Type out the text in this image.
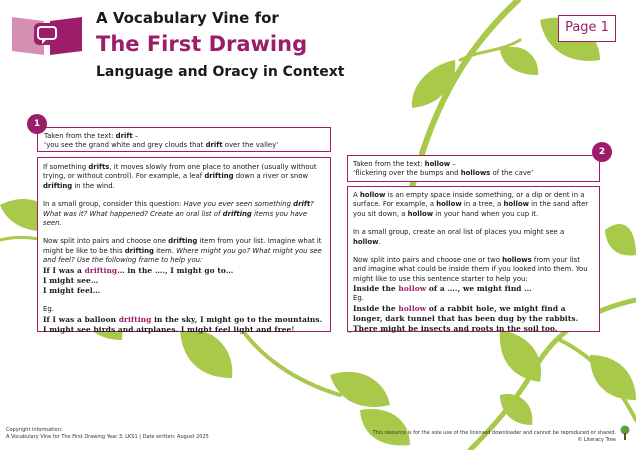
A Vocabulary Vine for
The First Drawing
Language and Oracy in Context
Page 1
1

Taken from the text: drift –

‘you see the grand white and grey clouds that drift over the valley’

If something drifts, it moves slowly from one place to another (usually without trying, or without control). For example, a leaf drifting down a river or snow drifting in the wind.

In a small group, consider this question: Have you ever seen something drift? What was it? What happened? Create an oral list of drifting items you have seen.

Now split into pairs and choose one drifting item from your list. Imagine what it might be like to be this drifting item. Where might you go? What might you see and feel? Use the following frame to help you:

If I was a drifting… in the …., I might go to…

I might see…

I might feel…

Eg.

If I was a balloon drifting in the sky, I might go to the mountains. I might see birds and airplanes. I might feel light and free!

2

Taken from the text: hollow –

‘flickering over the bumps and hollows of the cave’

A hollow is an empty space inside something, or a dip or dent in a surface. For example, a hollow in a tree, a hollow in the sand after you sit down, a hollow in your hand when you cup it.

In a small group, create an oral list of places you might see a hollow.

Now split into pairs and choose one or two hollows from your list and imagine what could be inside them if you looked into them. You might like to use this sentence starter to help you:

Inside the hollow of a …., we might find …

Eg.

Inside the hollow of a rabbit hole, we might find a longer, dark tunnel that has been dug by the rabbits. There might be insects and roots in the soil too.

Copyright information:
A Vocabulary Vine for The First Drawing Year 3, LKS1 | Date written: August 2025
This resource is for the sole use of the licensed downloader and cannot be reproduced or shared.
© Literacy Tree
